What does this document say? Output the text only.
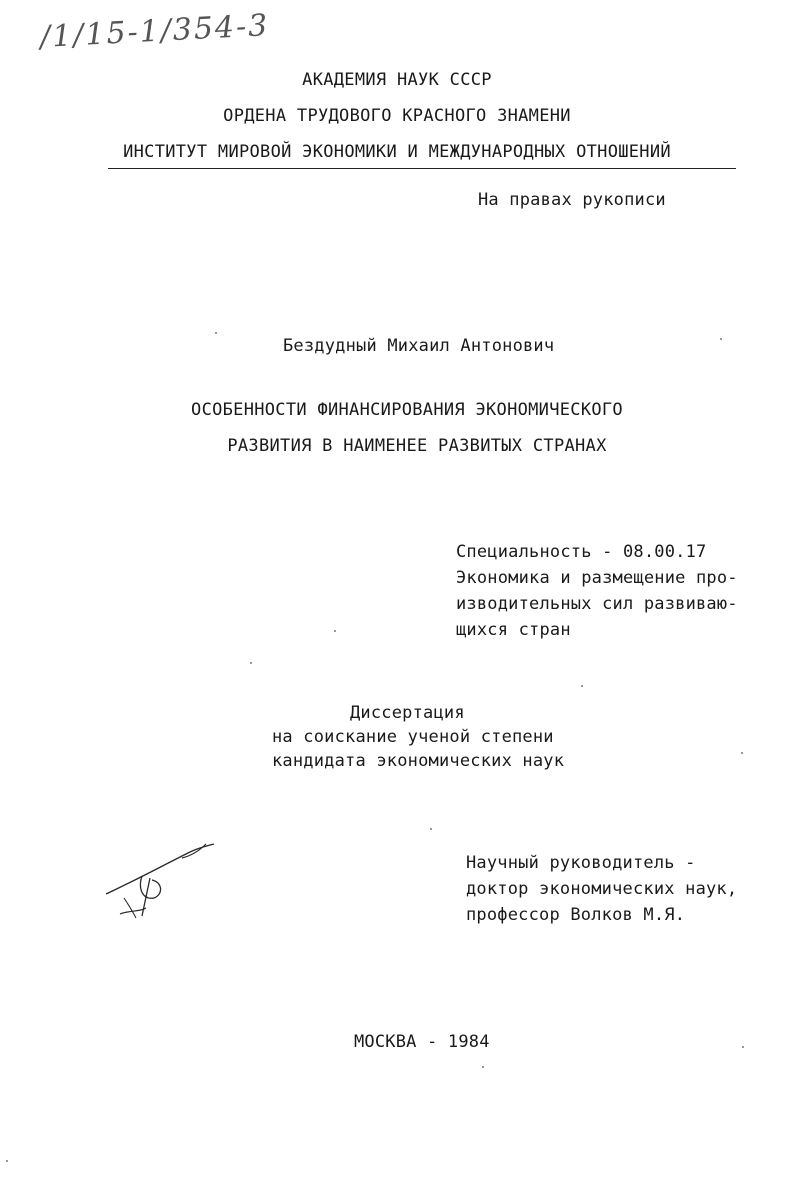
/1/15-1/354-3
АКАДЕМИЯ НАУК СССР
ОРДЕНА ТРУДОВОГО КРАСНОГО ЗНАМЕНИ
ИНСТИТУТ МИРОВОЙ ЭКОНОМИКИ И МЕЖДУНАРОДНЫХ ОТНОШЕНИЙ
На правах рукописи
Бездудный Михаил Антонович
ОСОБЕННОСТИ ФИНАНСИРОВАНИЯ ЭКОНОМИЧЕСКОГО
РАЗВИТИЯ В НАИМЕНЕЕ РАЗВИТЫХ СТРАНАХ
Специальность - 08.00.17
Экономика и размещение про-
изводительных сил развиваю-
щихся стран
Диссертация
на соискание ученой степени
кандидата экономических наук
Научный руководитель -
доктор экономических наук,
профессор Волков М.Я.
МОСКВА - 1984
